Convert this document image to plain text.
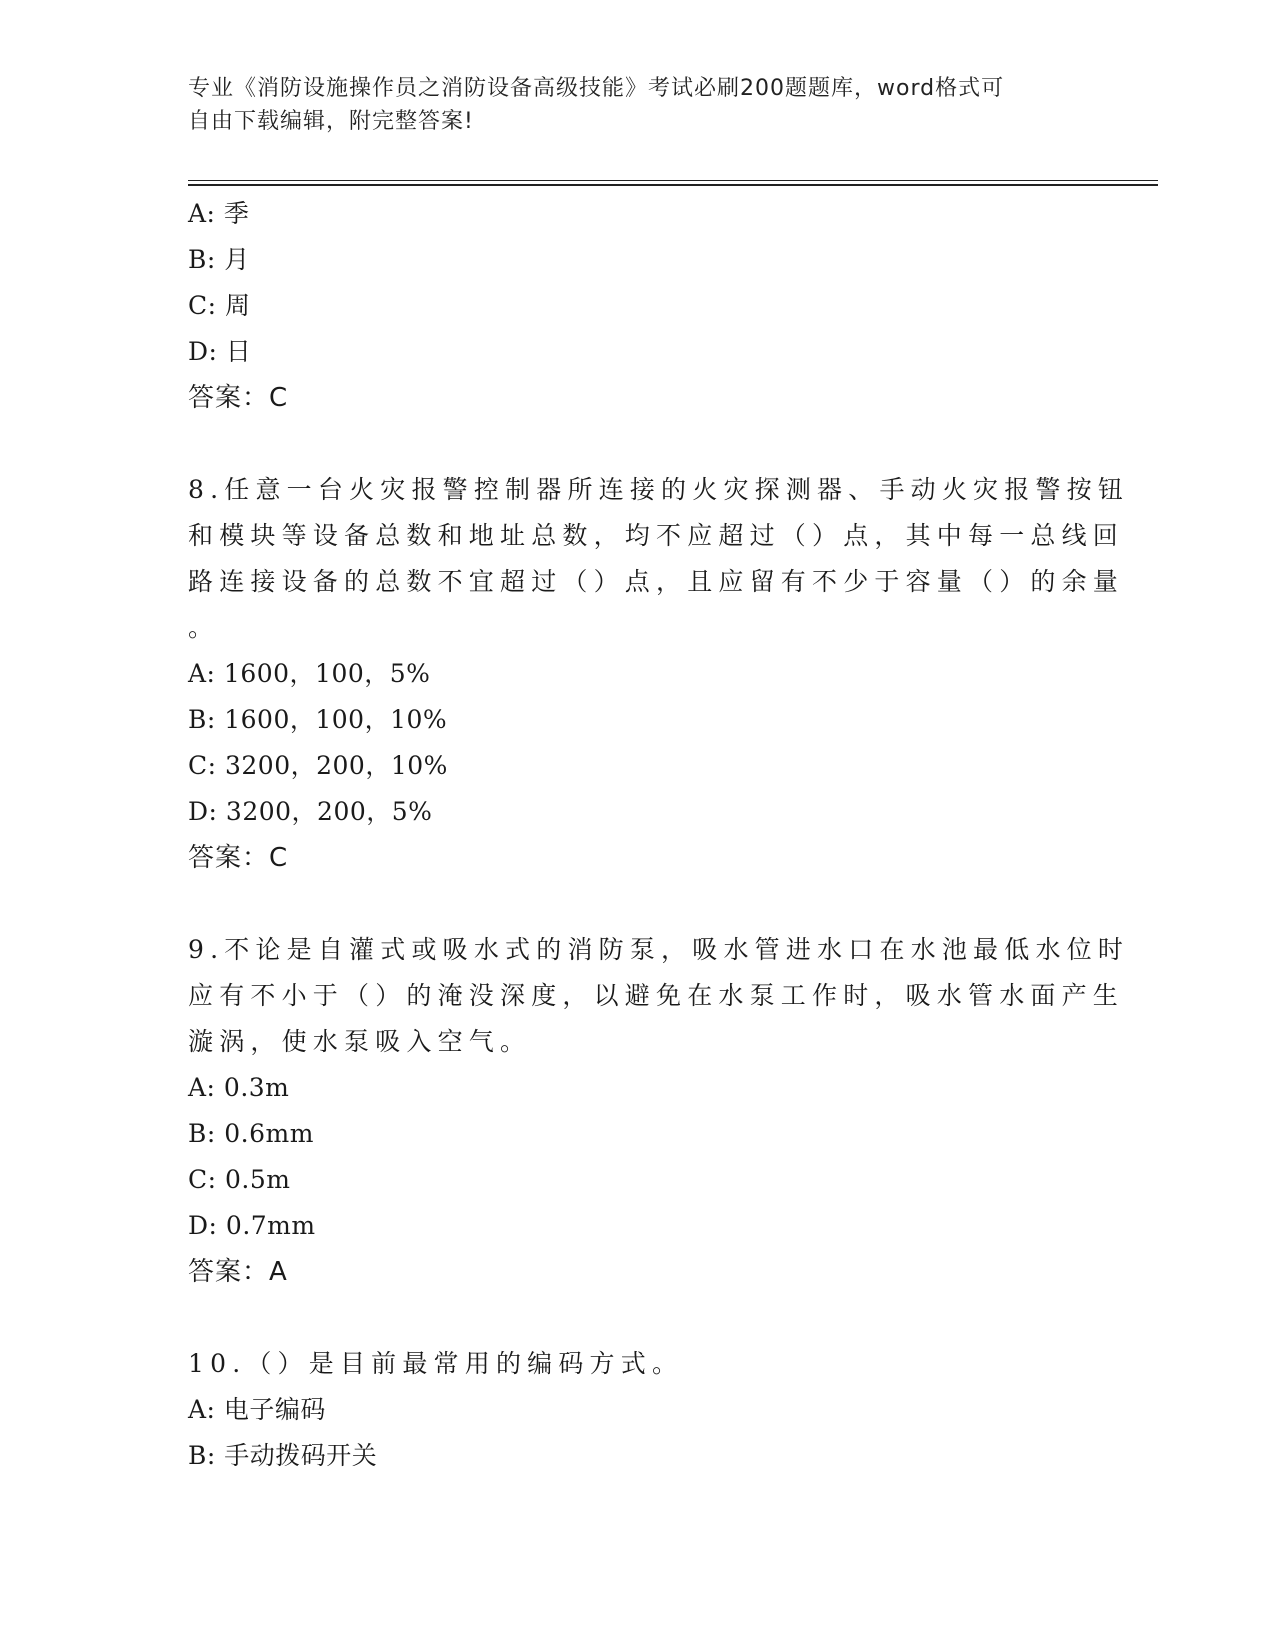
专业《消防设施操作员之消防设备高级技能》考试必刷200题题库，word格式可
自由下载编辑，附完整答案!
A: 季
B: 月
C: 周
D: 日
答案：C
8.任意一台火灾报警控制器所连接的火灾探测器、手动火灾报警按钮
和模块等设备总数和地址总数，均不应超过（）点，其中每一总线回
路连接设备的总数不宜超过（）点，且应留有不少于容量（）的余量
。
A: 1600，100，5%
B: 1600，100，10%
C: 3200，200，10%
D: 3200，200，5%
答案：C
9.不论是自灌式或吸水式的消防泵，吸水管进水口在水池最低水位时
应有不小于（）的淹没深度，以避免在水泵工作时，吸水管水面产生
漩涡，使水泵吸入空气。
A: 0.3m
B: 0.6mm
C: 0.5m
D: 0.7mm
答案：A
10.（）是目前最常用的编码方式。
A: 电子编码
B: 手动拨码开关
